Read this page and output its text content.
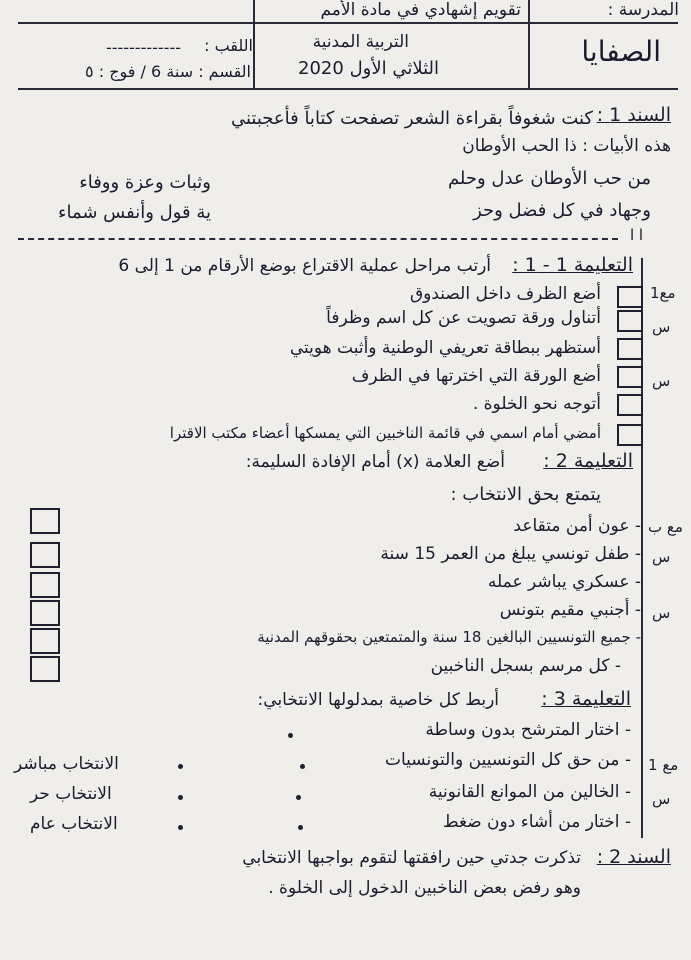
المدرسة :
تقويم إشهادي في مادة الأمم
التربية المدنية
الثلاثي الأول 2020
الصفايا
اللقب :
-------------
القسم : سنة 6 / فوج : ٥
السند 1 :
كنت شغوفاً بقراءة الشعر تصفحت كتاباً فأعجبتني
هذه الأبيات : ذا الحب الأوطان
من حب الأوطان عدل وحلم
وثبات وعزة ووفاء
وجهاد في كل فضل وحز
ية قول وأنفس شماء
ا ا
التعليمة 1 - 1 :
أرتب مراحل عملية الاقتراع بوضع الأرقام من 1 إلى 6
أضع الظرف داخل الصندوق
أتناول ورقة تصويت عن كل اسم وظرفاً
أستظهر ببطاقة تعريفي الوطنية وأثبت هويتي
أضع الورقة التي اخترتها في الظرف
أتوجه نحو الخلوة .
أمضي أمام اسمي في قائمة الناخبين التي يمسكها أعضاء مكتب الاقترا
التعليمة 2 :
أضع العلامة (x) أمام الإفادة السليمة:
يتمتع بحق الانتخاب :
- عون أمن متقاعد
- طفل تونسي يبلغ من العمر 15 سنة
- عسكري يباشر عمله
- أجنبي مقيم بتونس
- جميع التونسيين البالغين 18 سنة والمتمتعين بحقوقهم المدنية
- كل مرسم بسجل الناخبين
التعليمة 3 :
أربط كل خاصية بمدلولها الانتخابي:
- اختار المترشح بدون وساطة
- من حق كل التونسيين والتونسيات
الانتخاب مباشر
- الخالين من الموانع القانونية
الانتخاب حر
- اختار من أشاء دون ضغط
الانتخاب عام
السند 2 :
تذكرت جدتي حين رافقتها لتقوم بواجبها الانتخابي
وهو رفض بعض الناخبين الدخول إلى الخلوة .
مع1
س
س
مع ب
س
س
مع 1
س
